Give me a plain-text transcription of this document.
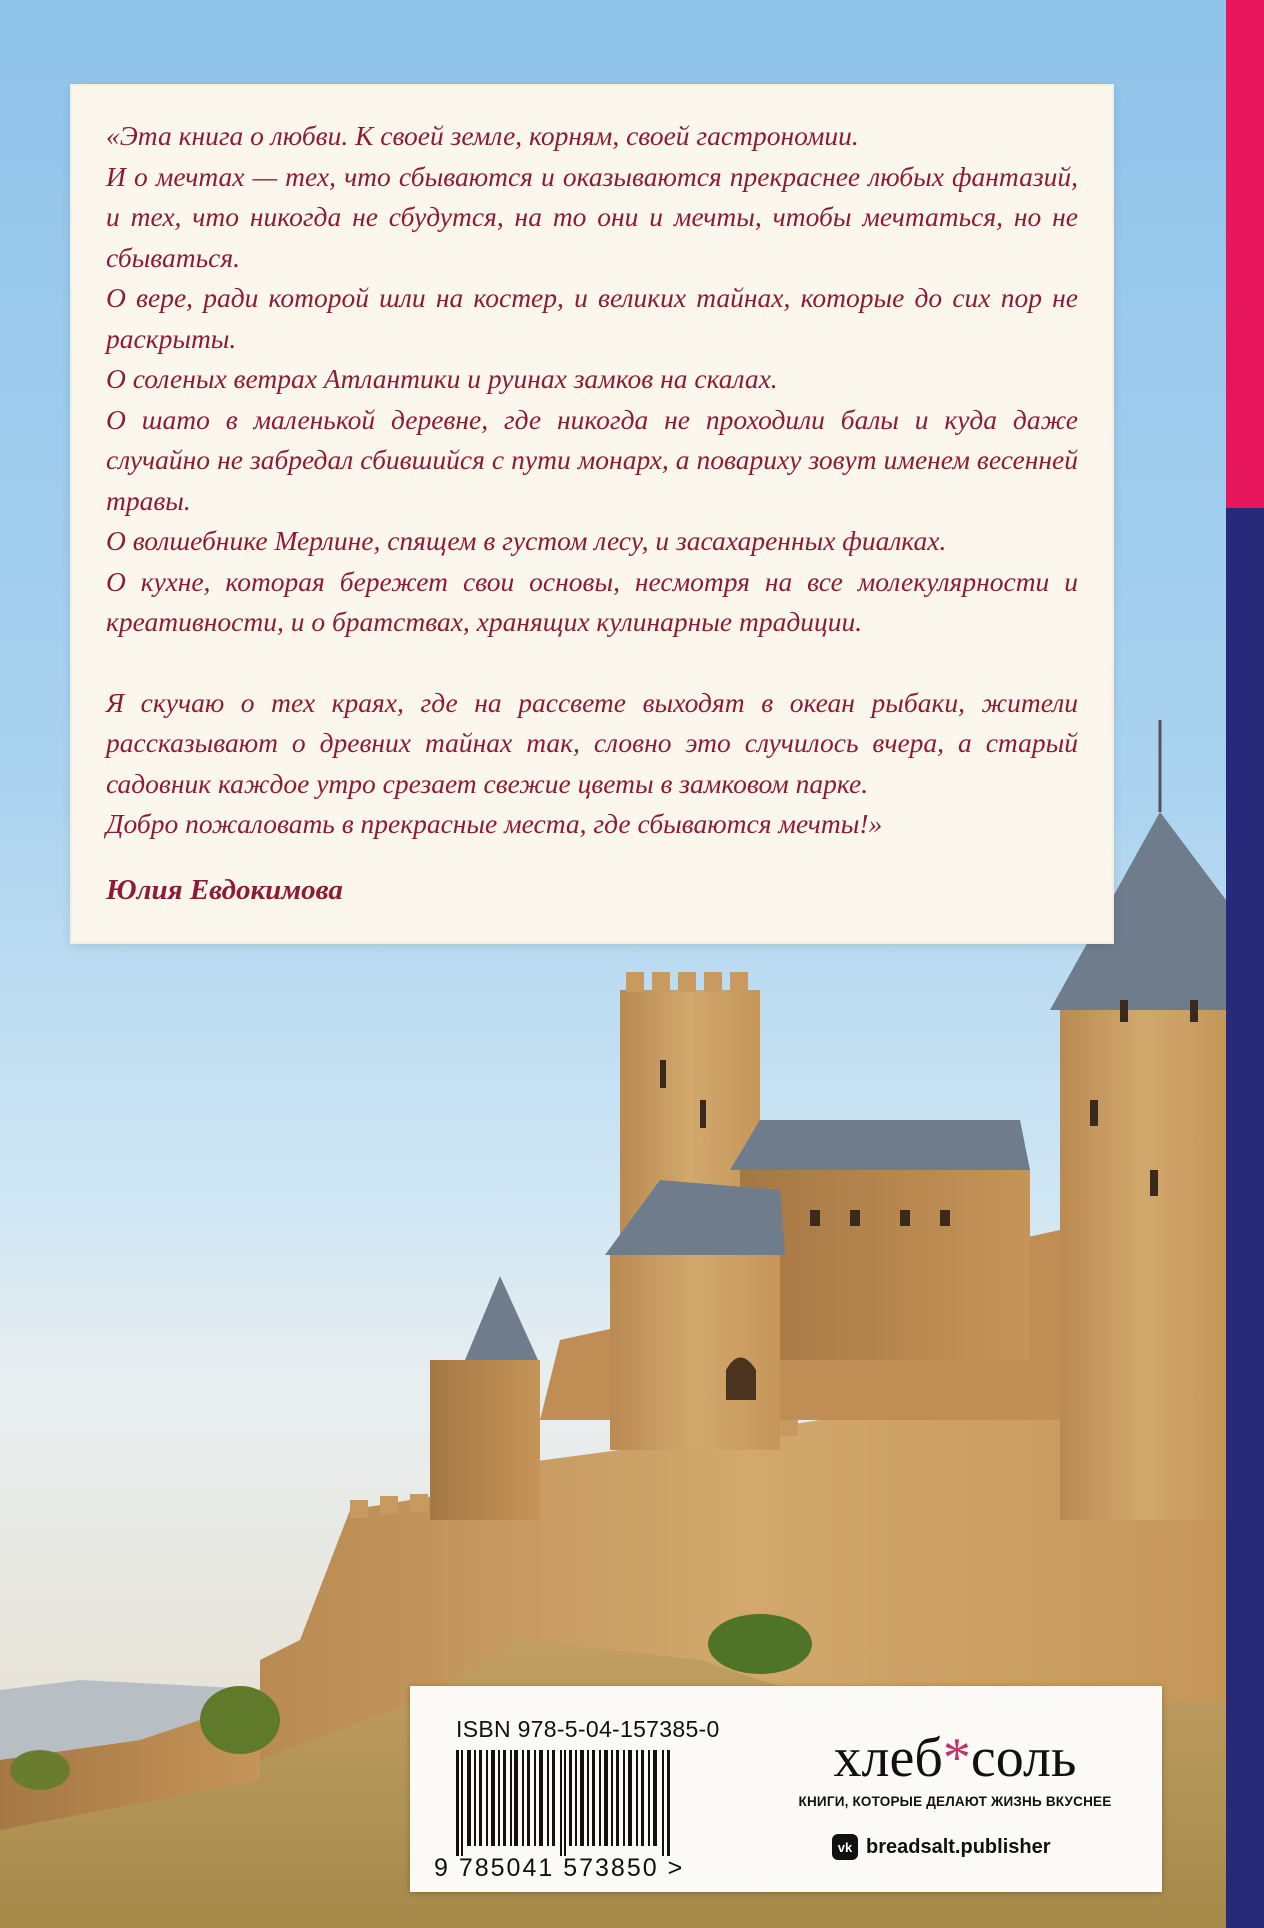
«Эта книга о любви. К своей земле, корням, своей гастрономии.

И о мечтах — тех, что сбываются и оказываются прекраснее любых фантазий, и тех, что никогда не сбудутся, на то они и мечты, чтобы мечтаться, но не сбываться.

О вере, ради которой шли на костер, и великих тайнах, которые до сих пор не раскрыты.

О соленых ветрах Атлантики и руинах замков на скалах.

О шато в маленькой деревне, где никогда не проходили балы и куда даже случайно не забредал сбившийся с пути монарх, а повариху зовут именем весенней травы.

О волшебнике Мерлине, спящем в густом лесу, и засахаренных фиалках.

О кухне, которая бережет свои основы, несмотря на все молекулярности и креативности, и о братствах, хранящих кулинарные традиции.

Я скучаю о тех краях, где на рассвете выходят в океан рыбаки, жители рассказывают о древних тайнах так, словно это случилось вчера, а старый садовник каждое утро срезает свежие цветы в замковом парке.

Добро пожаловать в прекрасные места, где сбываются мечты!»

Юлия Евдокимова
ISBN 978-5-04-157385-0
9 785041 573850 >
хлеб*соль
КНИГИ, КОТОРЫЕ ДЕЛАЮТ ЖИЗНЬ ВКУСНЕЕ
vk breadsalt.publisher
